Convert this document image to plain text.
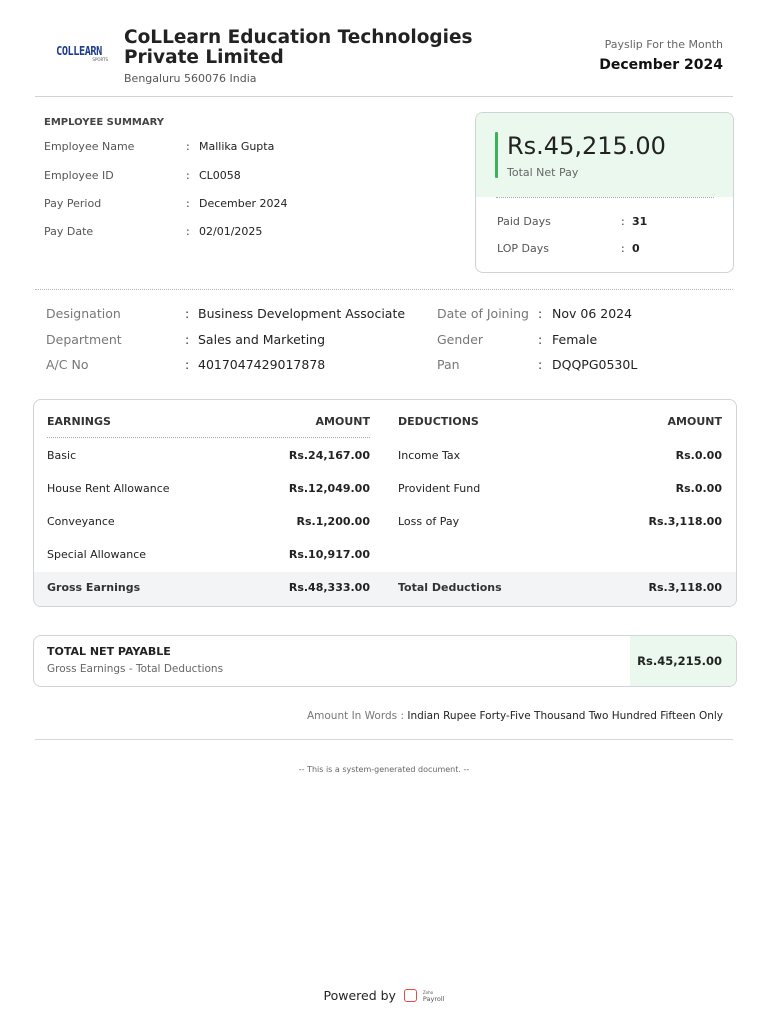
COLLEARN
SPORTS
CoLLearn Education Technologies Private Limited
Bengaluru 560076 India
Payslip For the Month
December 2024
EMPLOYEE SUMMARY
Employee Name	: Mallika Gupta
Employee ID	: CL0058
Pay Period	: December 2024
Pay Date	: 02/01/2025
Rs.45,215.00
Total Net Pay
Paid Days	: 31
LOP Days	: 0
Designation	: Business Development Associate	Date of Joining : Nov 06 2024
Department	: Sales and Marketing	Gender	: Female
A/C No	: 4017047429017878	Pan	: DQQPG0530L
EARNINGS	AMOUNT	DEDUCTIONS	AMOUNT
Basic	Rs.24,167.00	Income Tax	Rs.0.00
House Rent Allowance	Rs.12,049.00	Provident Fund	Rs.0.00
Conveyance	Rs.1,200.00	Loss of Pay	Rs.3,118.00
Special Allowance	Rs.10,917.00
Gross Earnings	Rs.48,333.00	Total Deductions	Rs.3,118.00
TOTAL NET PAYABLE
Gross Earnings - Total Deductions
Rs.45,215.00
Amount In Words : Indian Rupee Forty-Five Thousand Two Hundred Fifteen Only
-- This is a system-generated document. --
Powered by	Zoho
Payroll
